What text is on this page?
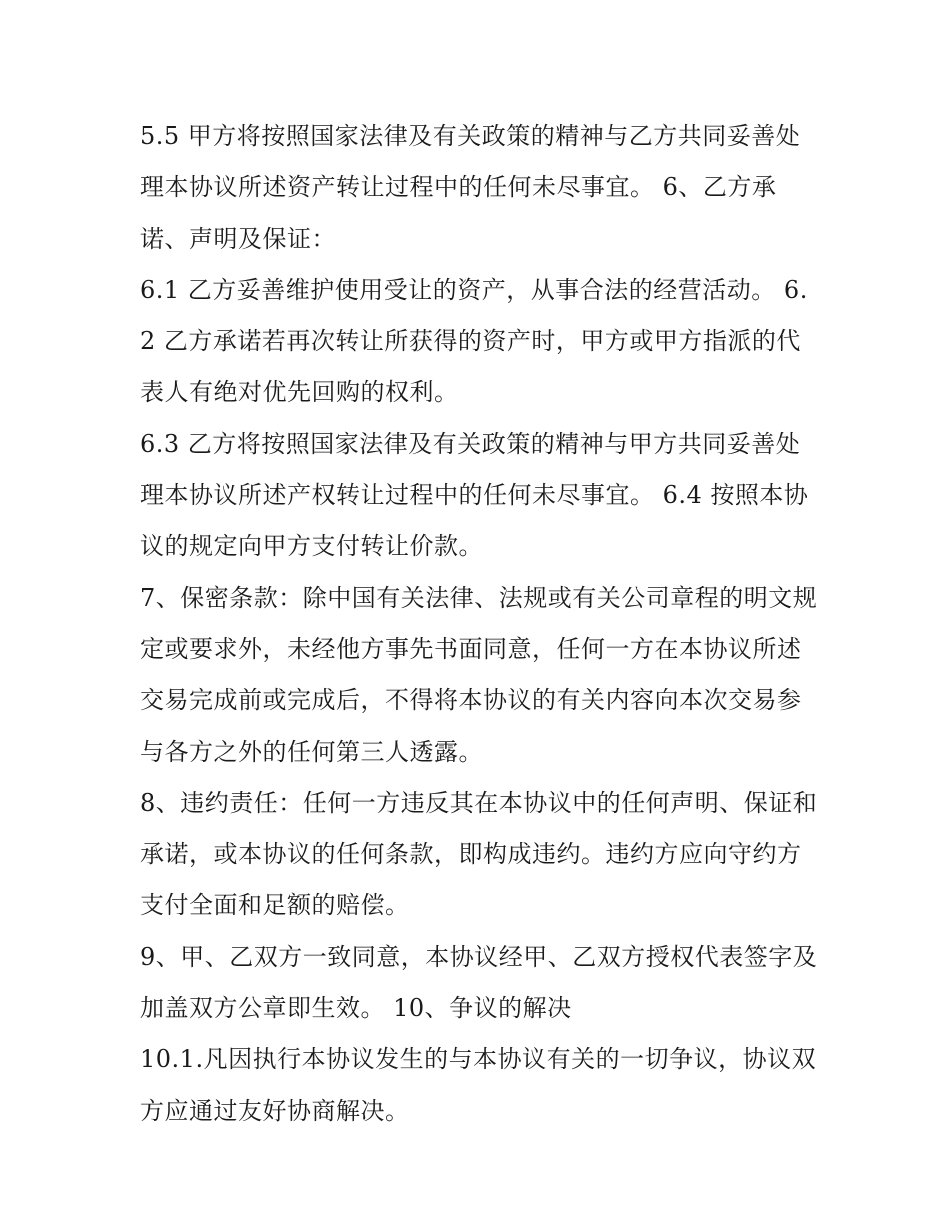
5.5 甲方将按照国家法律及有关政策的精神与乙方共同妥善处理本协议所述资产转让过程中的任何未尽事宜。 6、乙方承诺、声明及保证：

6.1 乙方妥善维护使用受让的资产，从事合法的经营活动。 6.2 乙方承诺若再次转让所获得的资产时，甲方或甲方指派的代表人有绝对优先回购的权利。

6.3 乙方将按照国家法律及有关政策的精神与甲方共同妥善处理本协议所述产权转让过程中的任何未尽事宜。 6.4 按照本协议的规定向甲方支付转让价款。

7、保密条款：除中国有关法律、法规或有关公司章程的明文规定或要求外，未经他方事先书面同意，任何一方在本协议所述交易完成前或完成后，不得将本协议的有关内容向本次交易参与各方之外的任何第三人透露。

8、违约责任：任何一方违反其在本协议中的任何声明、保证和承诺，或本协议的任何条款，即构成违约。违约方应向守约方支付全面和足额的赔偿。

9、甲、乙双方一致同意，本协议经甲、乙双方授权代表签字及加盖双方公章即生效。 10、争议的解决

10.1.凡因执行本协议发生的与本协议有关的一切争议，协议双方应通过友好协商解决。
